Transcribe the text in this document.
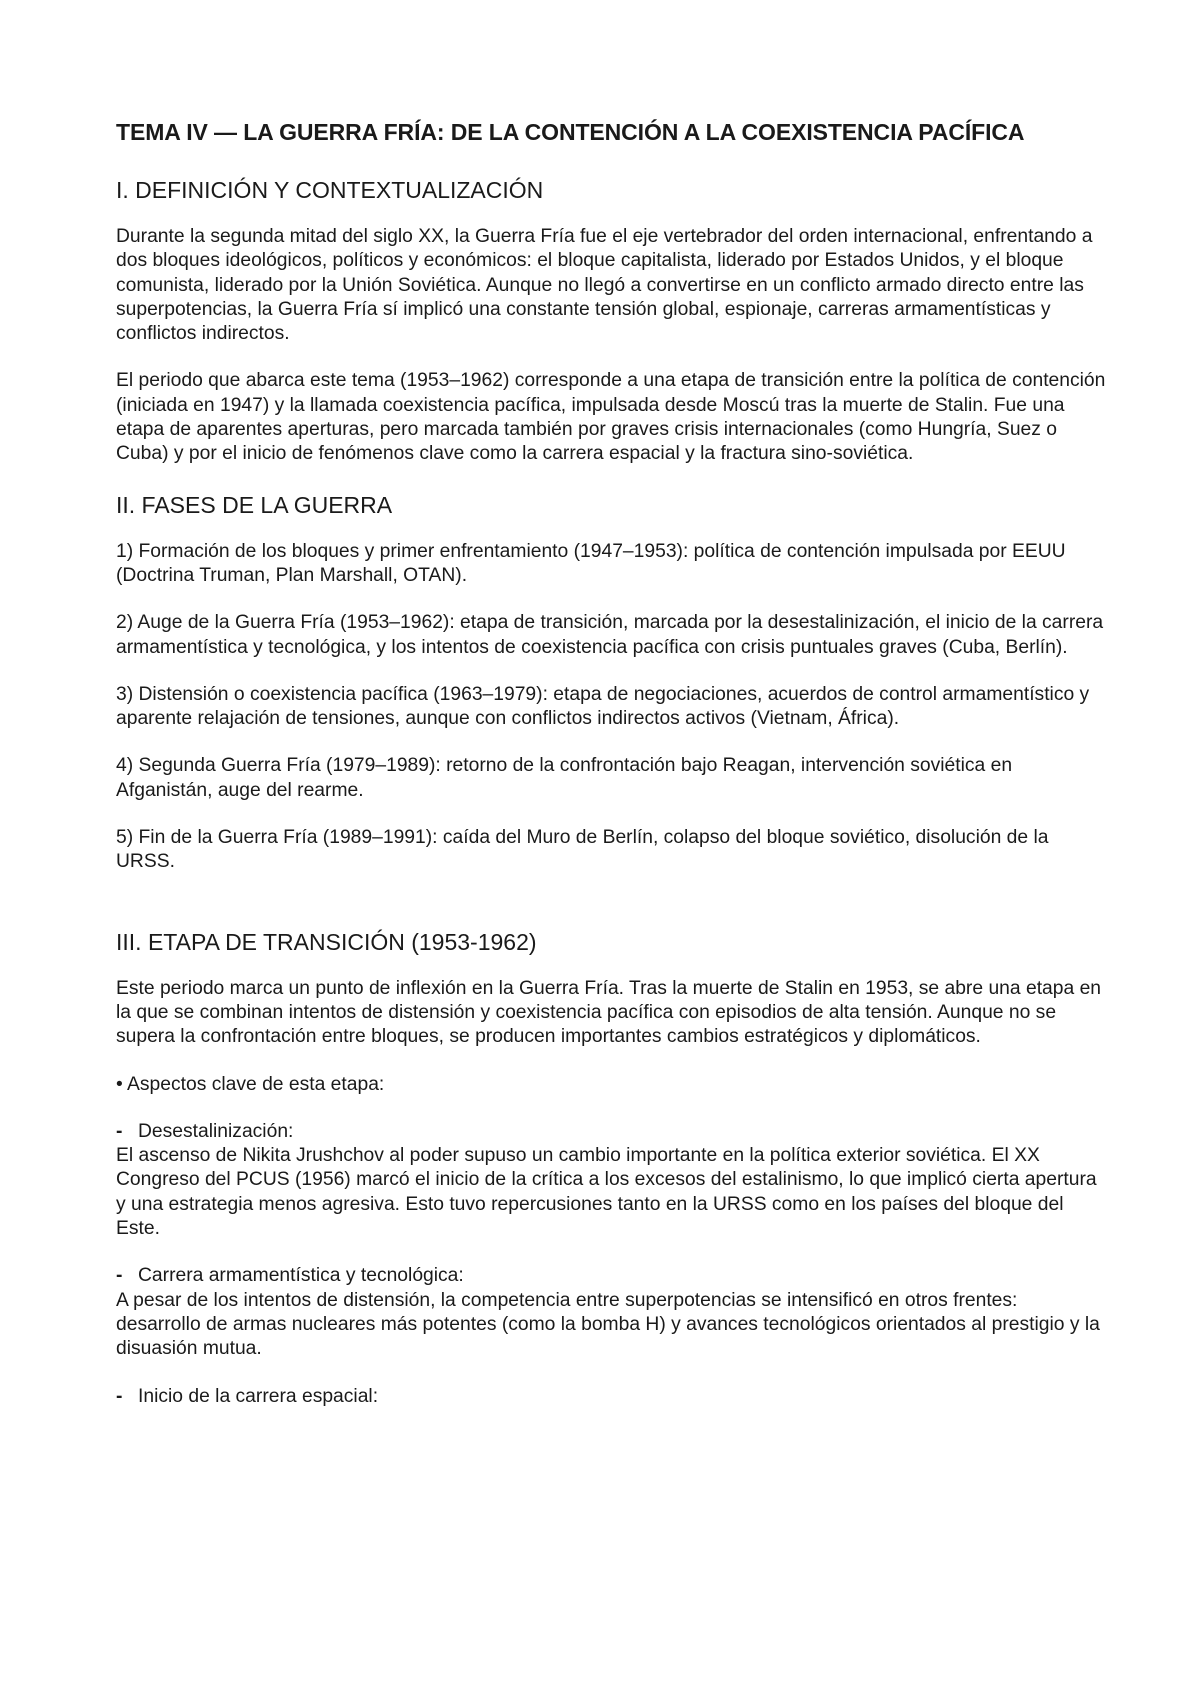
TEMA IV — LA GUERRA FRÍA: DE LA CONTENCIÓN A LA COEXISTENCIA PACÍFICA
I. DEFINICIÓN Y CONTEXTUALIZACIÓN

Durante la segunda mitad del siglo XX, la Guerra Fría fue el eje vertebrador del orden internacional, enfrentando a dos bloques ideológicos, políticos y económicos: el bloque capitalista, liderado por Estados Unidos, y el bloque comunista, liderado por la Unión Soviética. Aunque no llegó a convertirse en un conflicto armado directo entre las superpotencias, la Guerra Fría sí implicó una constante tensión global, espionaje, carreras armamentísticas y conflictos indirectos.

El periodo que abarca este tema (1953–1962) corresponde a una etapa de transición entre la política de contención (iniciada en 1947) y la llamada coexistencia pacífica, impulsada desde Moscú tras la muerte de Stalin. Fue una etapa de aparentes aperturas, pero marcada también por graves crisis internacionales (como Hungría, Suez o Cuba) y por el inicio de fenómenos clave como la carrera espacial y la fractura sino-soviética.

II. FASES DE LA GUERRA

1) Formación de los bloques y primer enfrentamiento (1947–1953): política de contención impulsada por EEUU (Doctrina Truman, Plan Marshall, OTAN).

2) Auge de la Guerra Fría (1953–1962): etapa de transición, marcada por la desestalinización, el inicio de la carrera armamentística y tecnológica, y los intentos de coexistencia pacífica con crisis puntuales graves (Cuba, Berlín).

3) Distensión o coexistencia pacífica (1963–1979): etapa de negociaciones, acuerdos de control armamentístico y aparente relajación de tensiones, aunque con conflictos indirectos activos (Vietnam, África).

4) Segunda Guerra Fría (1979–1989): retorno de la confrontación bajo Reagan, intervención soviética en Afganistán, auge del rearme.

5) Fin de la Guerra Fría (1989–1991): caída del Muro de Berlín, colapso del bloque soviético, disolución de la URSS.

III. ETAPA DE TRANSICIÓN (1953-1962)

Este periodo marca un punto de inflexión en la Guerra Fría. Tras la muerte de Stalin en 1953, se abre una etapa en la que se combinan intentos de distensión y coexistencia pacífica con episodios de alta tensión. Aunque no se supera la confrontación entre bloques, se producen importantes cambios estratégicos y diplomáticos.

• Aspectos clave de esta etapa:

- Desestalinización:

El ascenso de Nikita Jrushchov al poder supuso un cambio importante en la política exterior soviética. El XX Congreso del PCUS (1956) marcó el inicio de la crítica a los excesos del estalinismo, lo que implicó cierta apertura y una estrategia menos agresiva. Esto tuvo repercusiones tanto en la URSS como en los países del bloque del Este.

- Carrera armamentística y tecnológica:

A pesar de los intentos de distensión, la competencia entre superpotencias se intensificó en otros frentes: desarrollo de armas nucleares más potentes (como la bomba H) y avances tecnológicos orientados al prestigio y la disuasión mutua.

- Inicio de la carrera espacial:
